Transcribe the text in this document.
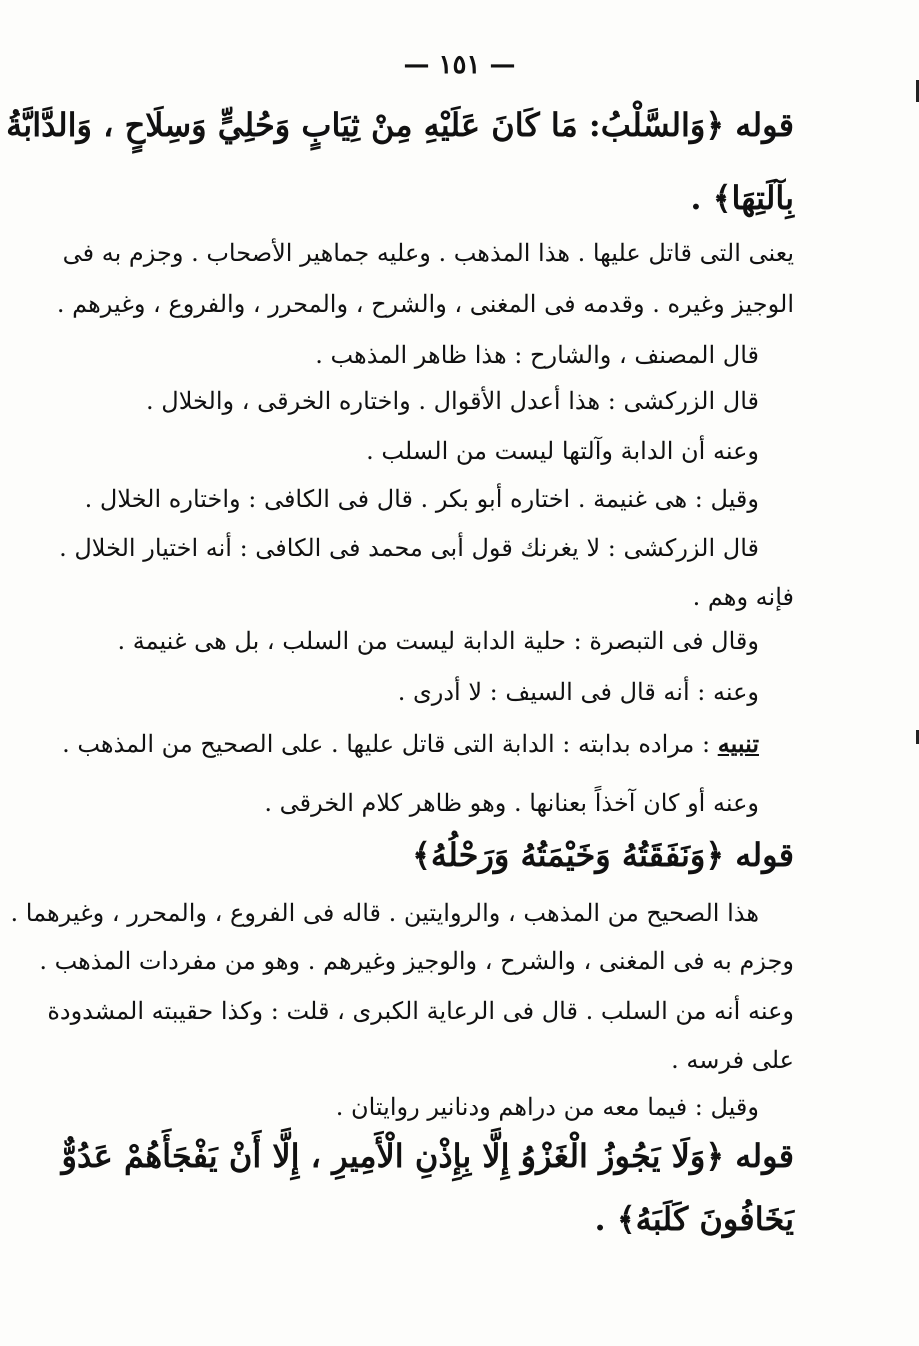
— ١٥١ —
قوله ﴿وَالسَّلْبُ: مَا كَانَ عَلَيْهِ مِنْ ثِيَابٍ وَحُلِيٍّ وَسِلَاحٍ ، وَالدَّابَّةُ
بِآلَتِهَا﴾ .
يعنى التى قاتل عليها . هذا المذهب . وعليه جماهير الأصحاب . وجزم به فى
الوجيز وغيره . وقدمه فى المغنى ، والشرح ، والمحرر ، والفروع ، وغيرهم .
قال المصنف ، والشارح : هذا ظاهر المذهب .
قال الزركشى : هذا أعدل الأقوال . واختاره الخرقى ، والخلال .
وعنه أن الدابة وآلتها ليست من السلب .
وقيل : هى غنيمة . اختاره أبو بكر . قال فى الكافى : واختاره الخلال .
قال الزركشى : لا يغرنك قول أبى محمد فى الكافى : أنه اختيار الخلال .
فإنه وهم .
وقال فى التبصرة : حلية الدابة ليست من السلب ، بل هى غنيمة .
وعنه : أنه قال فى السيف : لا أدرى .
تنبيه : مراده بدابته : الدابة التى قاتل عليها . على الصحيح من المذهب .
وعنه أو كان آخذاً بعنانها . وهو ظاهر كلام الخرقى .
قوله ﴿وَنَفَقَتُهُ وَخَيْمَتُهُ وَرَحْلُهُ﴾
هذا الصحيح من المذهب ، والروايتين . قاله فى الفروع ، والمحرر ، وغيرهما .
وجزم به فى المغنى ، والشرح ، والوجيز وغيرهم . وهو من مفردات المذهب .
وعنه أنه من السلب . قال فى الرعاية الكبرى ، قلت : وكذا حقيبته المشدودة
على فرسه .
وقيل : فيما معه من دراهم ودنانير روايتان .
قوله ﴿وَلَا يَجُوزُ الْغَزْوُ إِلَّا بِإِذْنِ الْأَمِيرِ ، إِلَّا أَنْ يَفْجَأَهُمْ عَدُوٌّ
يَخَافُونَ كَلَبَهُ﴾ .
